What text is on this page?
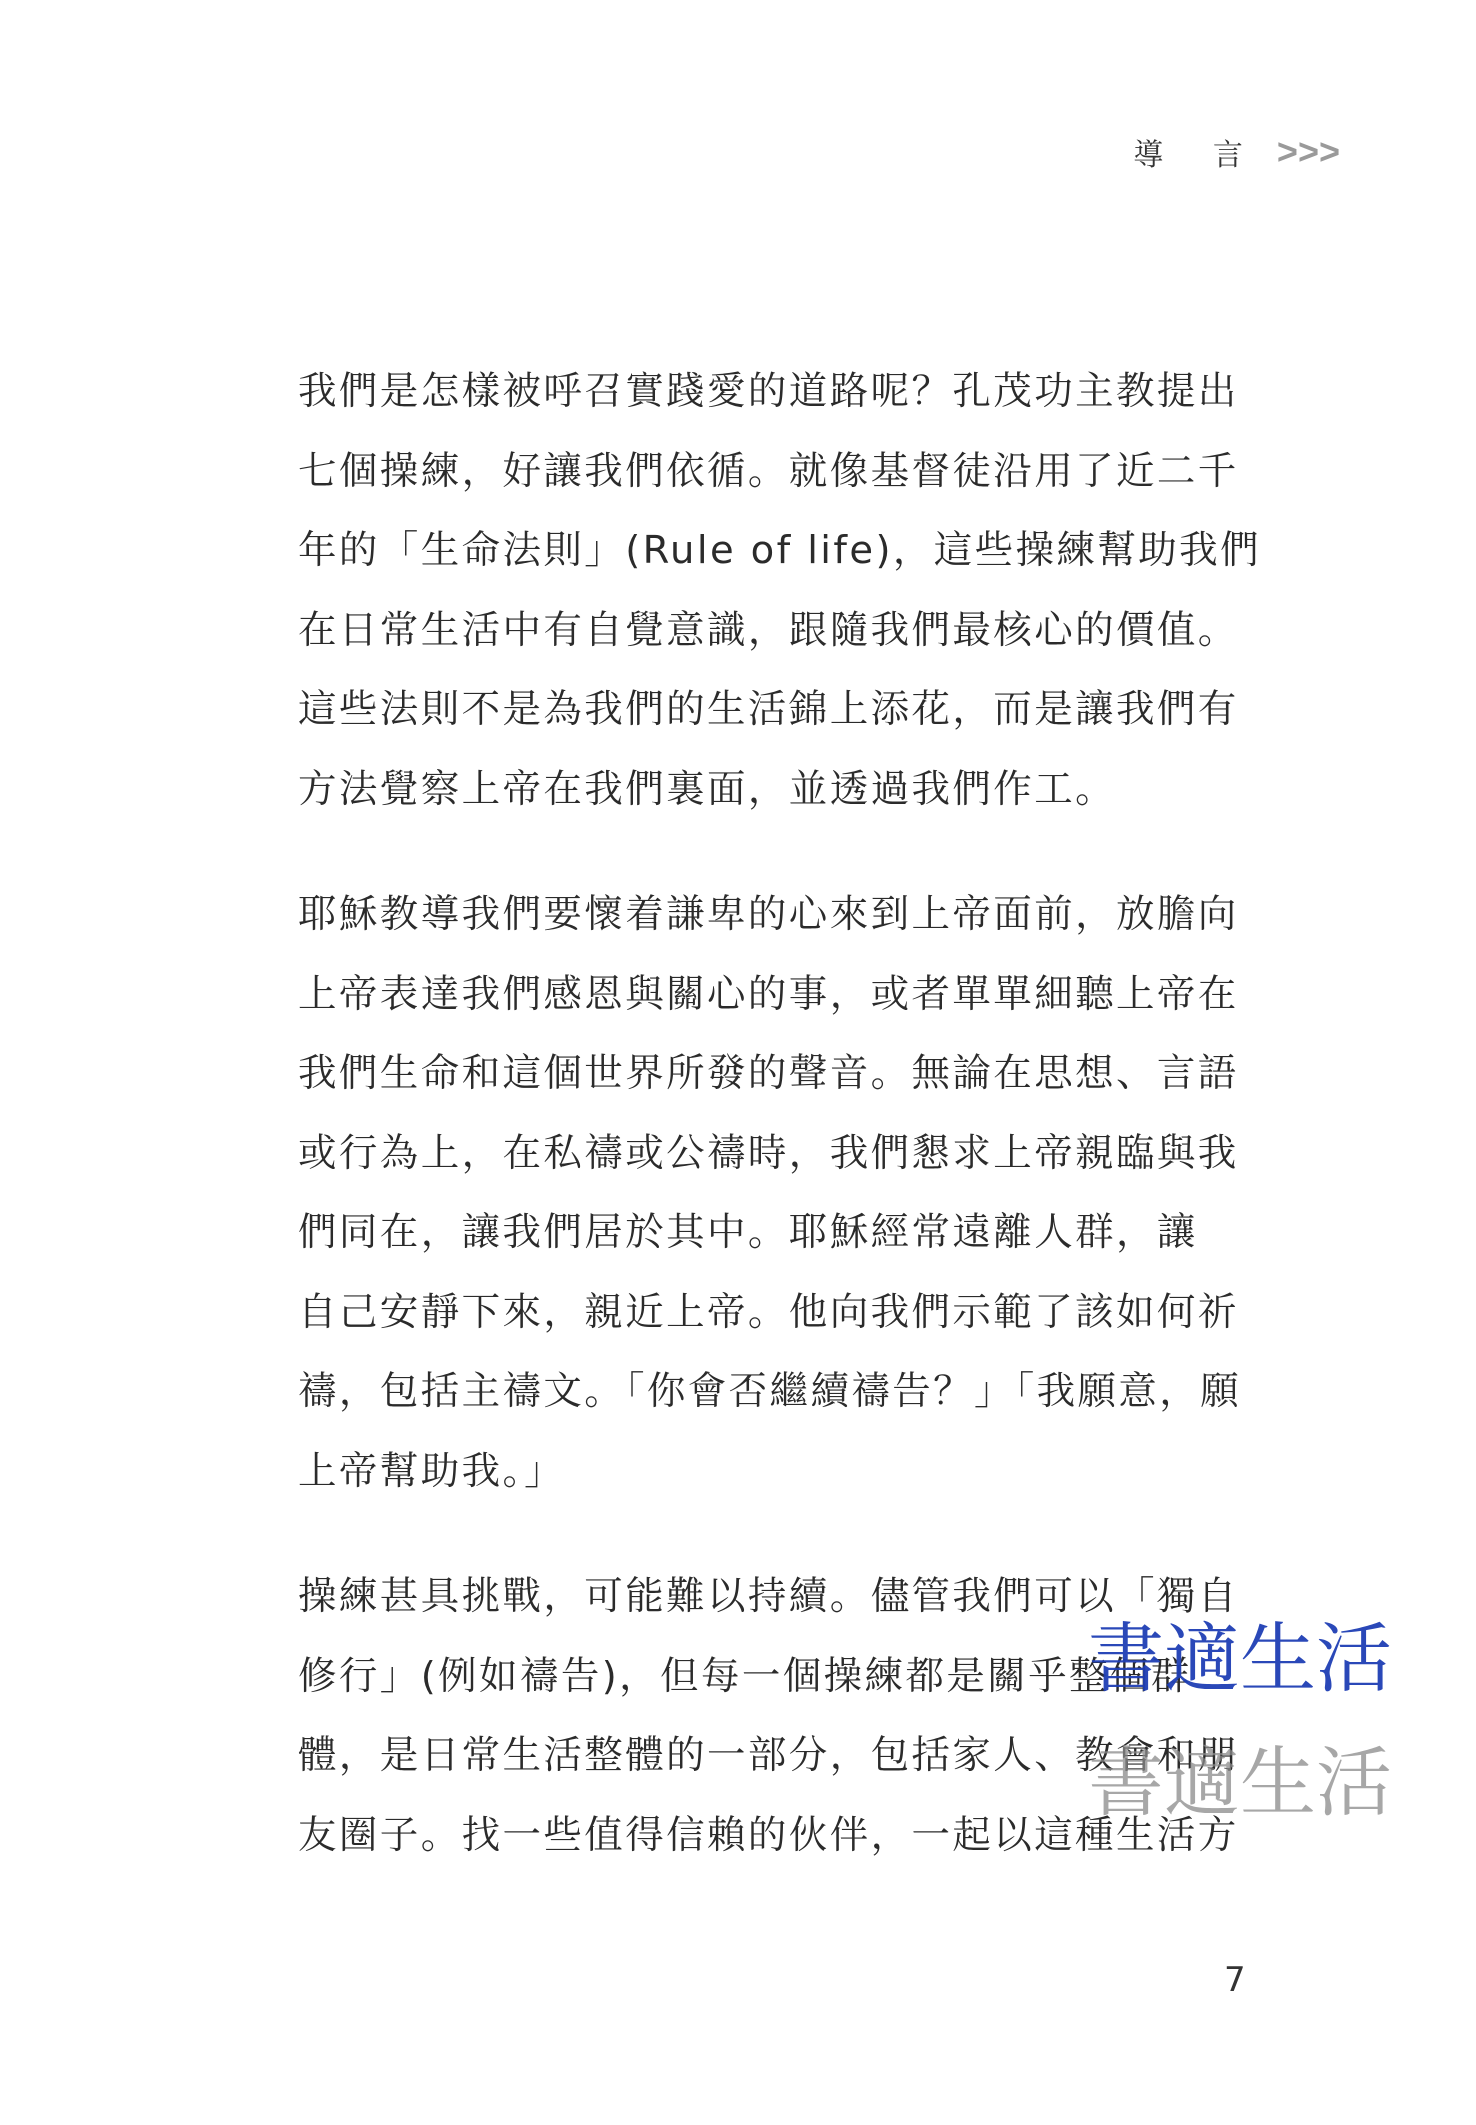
導 言 >>>
我們是怎樣被呼召實踐愛的道路呢？孔茂功主教提出
七個操練，好讓我們依循。就像基督徒沿用了近二千
年的「生命法則」(Rule of life)，這些操練幫助我們
在日常生活中有自覺意識，跟隨我們最核心的價值。
這些法則不是為我們的生活錦上添花，而是讓我們有
方法覺察上帝在我們裏面，並透過我們作工。
耶穌教導我們要懷着謙卑的心來到上帝面前，放膽向
上帝表達我們感恩與關心的事，或者單單細聽上帝在
我們生命和這個世界所發的聲音。無論在思想、言語
或行為上，在私禱或公禱時，我們懇求上帝親臨與我
們同在，讓我們居於其中。耶穌經常遠離人群，讓
自己安靜下來，親近上帝。他向我們示範了該如何祈
禱，包括主禱文。「你會否繼續禱告？」「我願意，願
上帝幫助我。」
操練甚具挑戰，可能難以持續。儘管我們可以「獨自
修行」(例如禱告)，但每一個操練都是關乎整個群
體，是日常生活整體的一部分，包括家人、教會和朋
友圈子。找一些值得信賴的伙伴，一起以這種生活方
書適生活
書適生活
7
